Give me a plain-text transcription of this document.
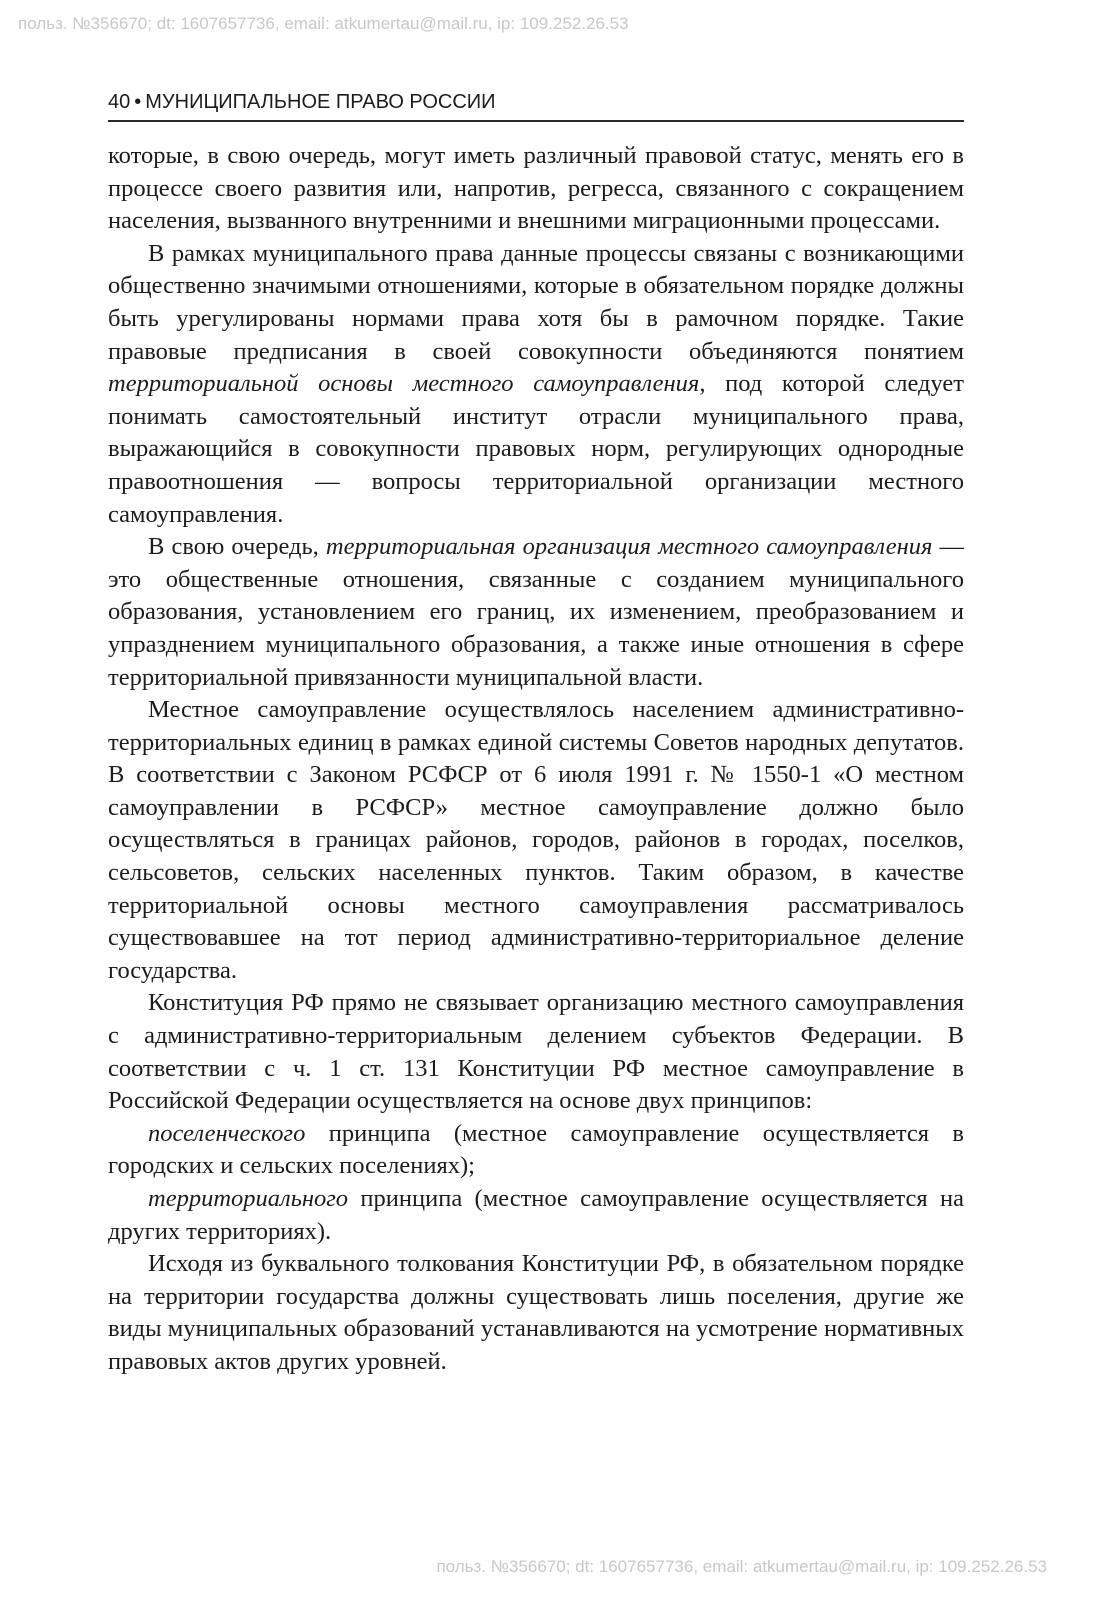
польз. №356670; dt: 1607657736, email: atkumertau@mail.ru, ip: 109.252.26.53
40 • МУНИЦИПАЛЬНОЕ ПРАВО РОССИИ

которые, в свою очередь, могут иметь различный правовой статус, менять его в процессе своего развития или, напротив, регресса, связанного с сокращением населения, вызванного внутренними и внешними миграционными процессами.

В рамках муниципального права данные процессы связаны с возникающими общественно значимыми отношениями, которые в обязательном порядке должны быть урегулированы нормами права хотя бы в рамочном порядке. Такие правовые предписания в своей совокупности объединяются понятием территориальной основы местного самоуправления, под которой следует понимать самостоятельный институт отрасли муниципального права, выражающийся в совокупности правовых норм, регулирующих однородные правоотношения — вопросы территориальной организации местного самоуправления.

В свою очередь, территориальная организация местного самоуправления — это общественные отношения, связанные с созданием муниципального образования, установлением его границ, их изменением, преобразованием и упразднением муниципального образования, а также иные отношения в сфере территориальной привязанности муниципальной власти.

Местное самоуправление осуществлялось населением административно-территориальных единиц в рамках единой системы Советов народных депутатов. В соответствии с Законом РСФСР от 6 июля 1991 г. № 1550-1 «О местном самоуправлении в РСФСР» местное самоуправление должно было осуществляться в границах районов, городов, районов в городах, поселков, сельсоветов, сельских населенных пунктов. Таким образом, в качестве территориальной основы местного самоуправления рассматривалось существовавшее на тот период административно-территориальное деление государства.

Конституция РФ прямо не связывает организацию местного самоуправления с административно-территориальным делением субъектов Федерации. В соответствии с ч. 1 ст. 131 Конституции РФ местное самоуправление в Российской Федерации осуществляется на основе двух принципов:

поселенческого принципа (местное самоуправление осуществляется в городских и сельских поселениях);

территориального принципа (местное самоуправление осуществляется на других территориях).

Исходя из буквального толкования Конституции РФ, в обязательном порядке на территории государства должны существовать лишь поселения, другие же виды муниципальных образований устанавливаются на усмотрение нормативных правовых актов других уровней.

польз. №356670; dt: 1607657736, email: atkumertau@mail.ru, ip: 109.252.26.53
